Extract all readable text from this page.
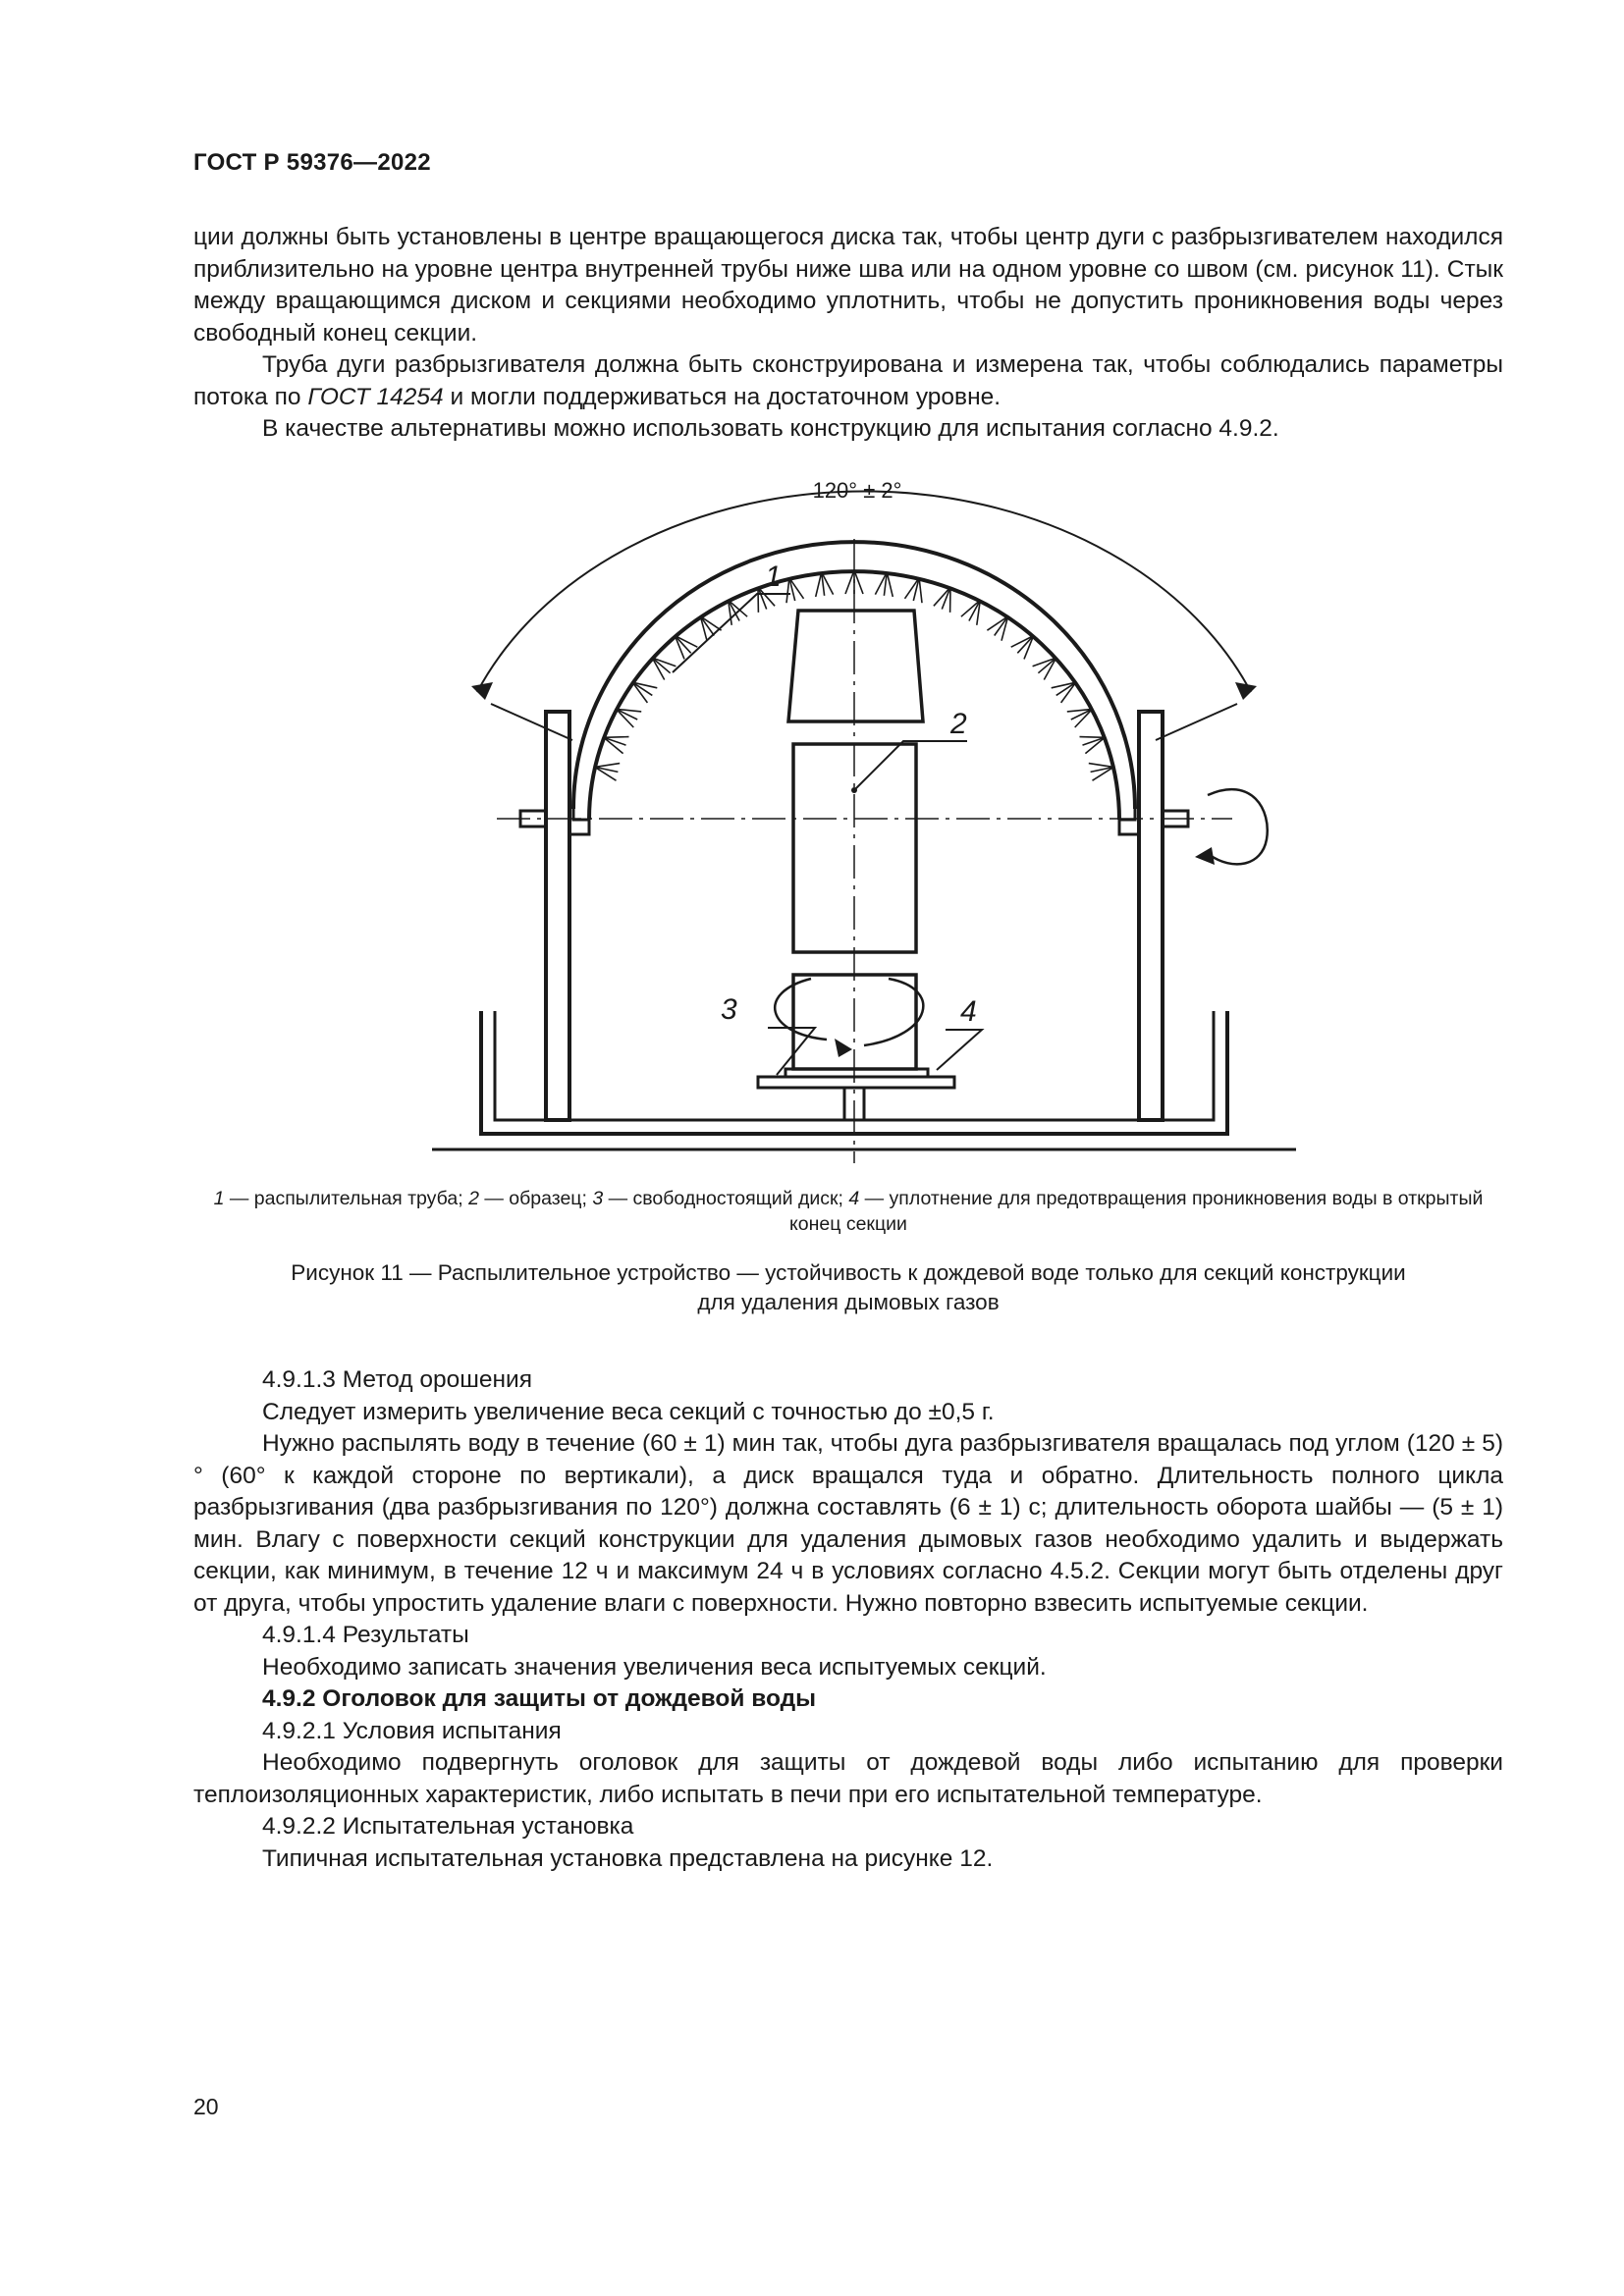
ГОСТ Р 59376—2022

ции должны быть установлены в центре вращающегося диска так, чтобы центр дуги с разбрызгивателем находился приблизительно на уровне центра внутренней трубы ниже шва или на одном уровне со швом (см. рисунок 11). Стык между вращающимся диском и секциями необходимо уплотнить, чтобы не допустить проникновения воды через свободный конец секции.

Труба дуги разбрызгивателя должна быть сконструирована и измерена так, чтобы соблюдались параметры потока по ГОСТ 14254 и могли поддерживаться на достаточном уровне.

В качестве альтернативы можно использовать конструкцию для испытания согласно 4.9.2.

120° ± 2°
1
2
3	4
1 — распылительная труба; 2 — образец; 3 — свободностоящий диск; 4 — уплотнение для предотвращения проникновения воды в открытый конец секции
Рисунок 11 — Распылительное устройство — устойчивость к дождевой воде только для секций конструкции
для удаления дымовых газов

4.9.1.3 Метод орошения

Следует измерить увеличение веса секций с точностью до ±0,5 г.

Нужно распылять воду в течение (60 ± 1) мин так, чтобы дуга разбрызгивателя вращалась под углом (120 ± 5)° (60° к каждой стороне по вертикали), а диск вращался туда и обратно. Длительность полного цикла разбрызгивания (два разбрызгивания по 120°) должна составлять (6 ± 1) с; длительность оборота шайбы — (5 ± 1) мин. Влагу с поверхности секций конструкции для удаления дымовых газов необходимо удалить и выдержать секции, как минимум, в течение 12 ч и максимум 24 ч в условиях согласно 4.5.2. Секции могут быть отделены друг от друга, чтобы упростить удаление влаги с поверхности. Нужно повторно взвесить испытуемые секции.

4.9.1.4 Результаты

Необходимо записать значения увеличения веса испытуемых секций.

4.9.2 Оголовок для защиты от дождевой воды

4.9.2.1 Условия испытания

Необходимо подвергнуть оголовок для защиты от дождевой воды либо испытанию для проверки теплоизоляционных характеристик, либо испытать в печи при его испытательной температуре.

4.9.2.2 Испытательная установка

Типичная испытательная установка представлена на рисунке 12.

20
